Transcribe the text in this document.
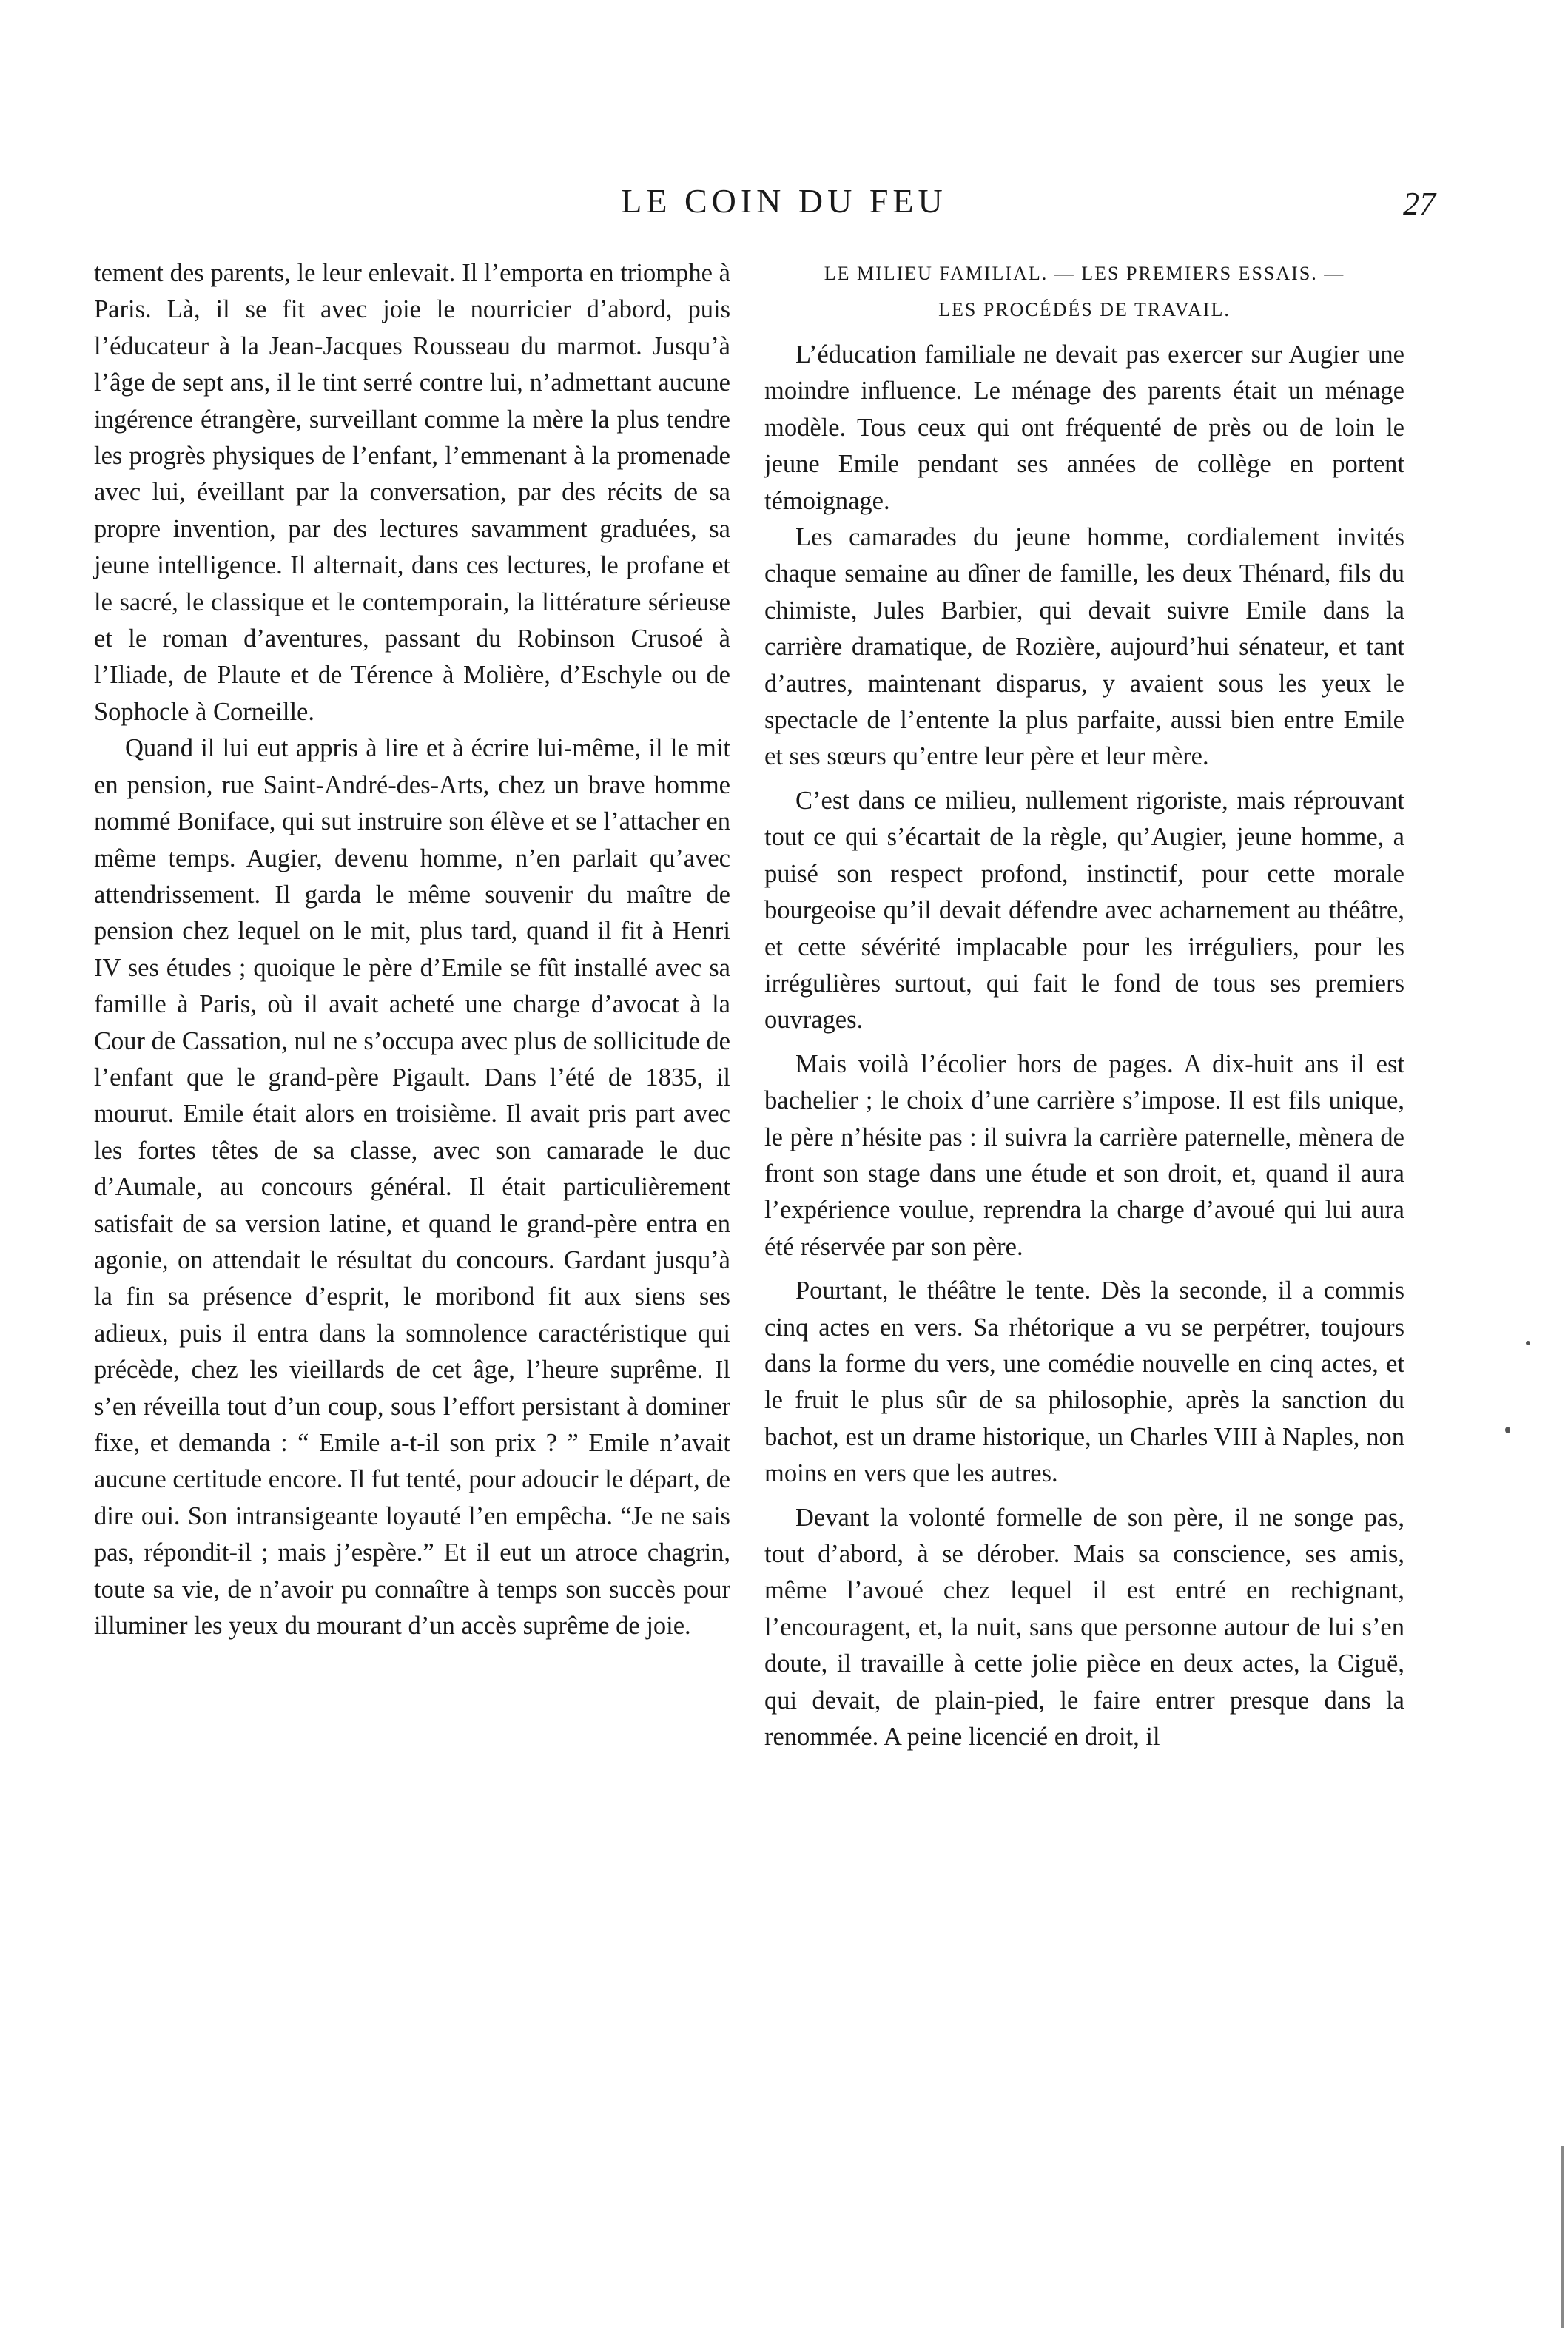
LE COIN DU FEU	27

tement des parents, le leur enlevait. Il l’emporta en triomphe à Paris. Là, il se fit avec joie le nourricier d’abord, puis l’éducateur à la Jean-Jacques Rousseau du marmot. Jusqu’à l’âge de sept ans, il le tint serré contre lui, n’admettant aucune ingérence étrangère, surveillant comme la mère la plus tendre les progrès physiques de l’enfant, l’emmenant à la promenade avec lui, éveillant par la conversation, par des récits de sa propre invention, par des lectures savamment graduées, sa jeune intelligence. Il alternait, dans ces lectures, le profane et le sacré, le classique et le contemporain, la littérature sérieuse et le roman d’aventures, passant du Robinson Crusoé à l’Iliade, de Plaute et de Térence à Molière, d’Eschyle ou de Sophocle à Corneille.

Quand il lui eut appris à lire et à écrire lui-même, il le mit en pension, rue Saint-André-des-Arts, chez un brave homme nommé Boniface, qui sut instruire son élève et se l’attacher en même temps. Augier, devenu homme, n’en parlait qu’avec attendrissement. Il garda le même souvenir du maître de pension chez lequel on le mit, plus tard, quand il fit à Henri IV ses études ; quoique le père d’Emile se fût installé avec sa famille à Paris, où il avait acheté une charge d’avocat à la Cour de Cassation, nul ne s’occupa avec plus de sollicitude de l’enfant que le grand-père Pigault. Dans l’été de 1835, il mourut. Emile était alors en troisième. Il avait pris part avec les fortes têtes de sa classe, avec son camarade le duc d’Aumale, au concours général. Il était particulièrement satisfait de sa version latine, et quand le grand-père entra en agonie, on attendait le résultat du concours. Gardant jusqu’à la fin sa présence d’esprit, le moribond fit aux siens ses adieux, puis il entra dans la somnolence caractéristique qui précède, chez les vieillards de cet âge, l’heure suprême. Il s’en réveilla tout d’un coup, sous l’effort persistant à dominer fixe, et demanda : “ Emile a-t-il son prix ? ” Emile n’avait aucune certitude encore. Il fut tenté, pour adoucir le départ, de dire oui. Son intransigeante loyauté l’en empêcha. “Je ne sais pas, répondit-il ; mais j’espère.” Et il eut un atroce chagrin, toute sa vie, de n’avoir pu connaître à temps son succès pour illuminer les yeux du mourant d’un accès suprême de joie.

LE MILIEU FAMILIAL. — LES PREMIERS ESSAIS. —
LES PROCÉDÉS DE TRAVAIL.

L’éducation familiale ne devait pas exercer sur Augier une moindre influence. Le ménage des parents était un ménage modèle. Tous ceux qui ont fréquenté de près ou de loin le jeune Emile pendant ses années de collège en portent témoignage.

Les camarades du jeune homme, cordialement invités chaque semaine au dîner de famille, les deux Thénard, fils du chimiste, Jules Barbier, qui devait suivre Emile dans la carrière dramatique, de Rozière, aujourd’hui sénateur, et tant d’autres, maintenant disparus, y avaient sous les yeux le spectacle de l’entente la plus parfaite, aussi bien entre Emile et ses sœurs qu’entre leur père et leur mère.

C’est dans ce milieu, nullement rigoriste, mais réprouvant tout ce qui s’écartait de la règle, qu’Augier, jeune homme, a puisé son respect profond, instinctif, pour cette morale bourgeoise qu’il devait défendre avec acharnement au théâtre, et cette sévérité implacable pour les irréguliers, pour les irrégulières surtout, qui fait le fond de tous ses premiers ouvrages.

Mais voilà l’écolier hors de pages. A dix-huit ans il est bachelier ; le choix d’une carrière s’impose. Il est fils unique, le père n’hésite pas : il suivra la carrière paternelle, mènera de front son stage dans une étude et son droit, et, quand il aura l’expérience voulue, reprendra la charge d’avoué qui lui aura été réservée par son père.

Pourtant, le théâtre le tente. Dès la seconde, il a commis cinq actes en vers. Sa rhétorique a vu se perpétrer, toujours dans la forme du vers, une comédie nouvelle en cinq actes, et le fruit le plus sûr de sa philosophie, après la sanction du bachot, est un drame historique, un Charles VIII à Naples, non moins en vers que les autres.

Devant la volonté formelle de son père, il ne songe pas, tout d’abord, à se dérober. Mais sa conscience, ses amis, même l’avoué chez lequel il est entré en rechignant, l’encouragent, et, la nuit, sans que personne autour de lui s’en doute, il travaille à cette jolie pièce en deux actes, la Ciguë, qui devait, de plain-pied, le faire entrer presque dans la renommée. A peine licencié en droit, il
